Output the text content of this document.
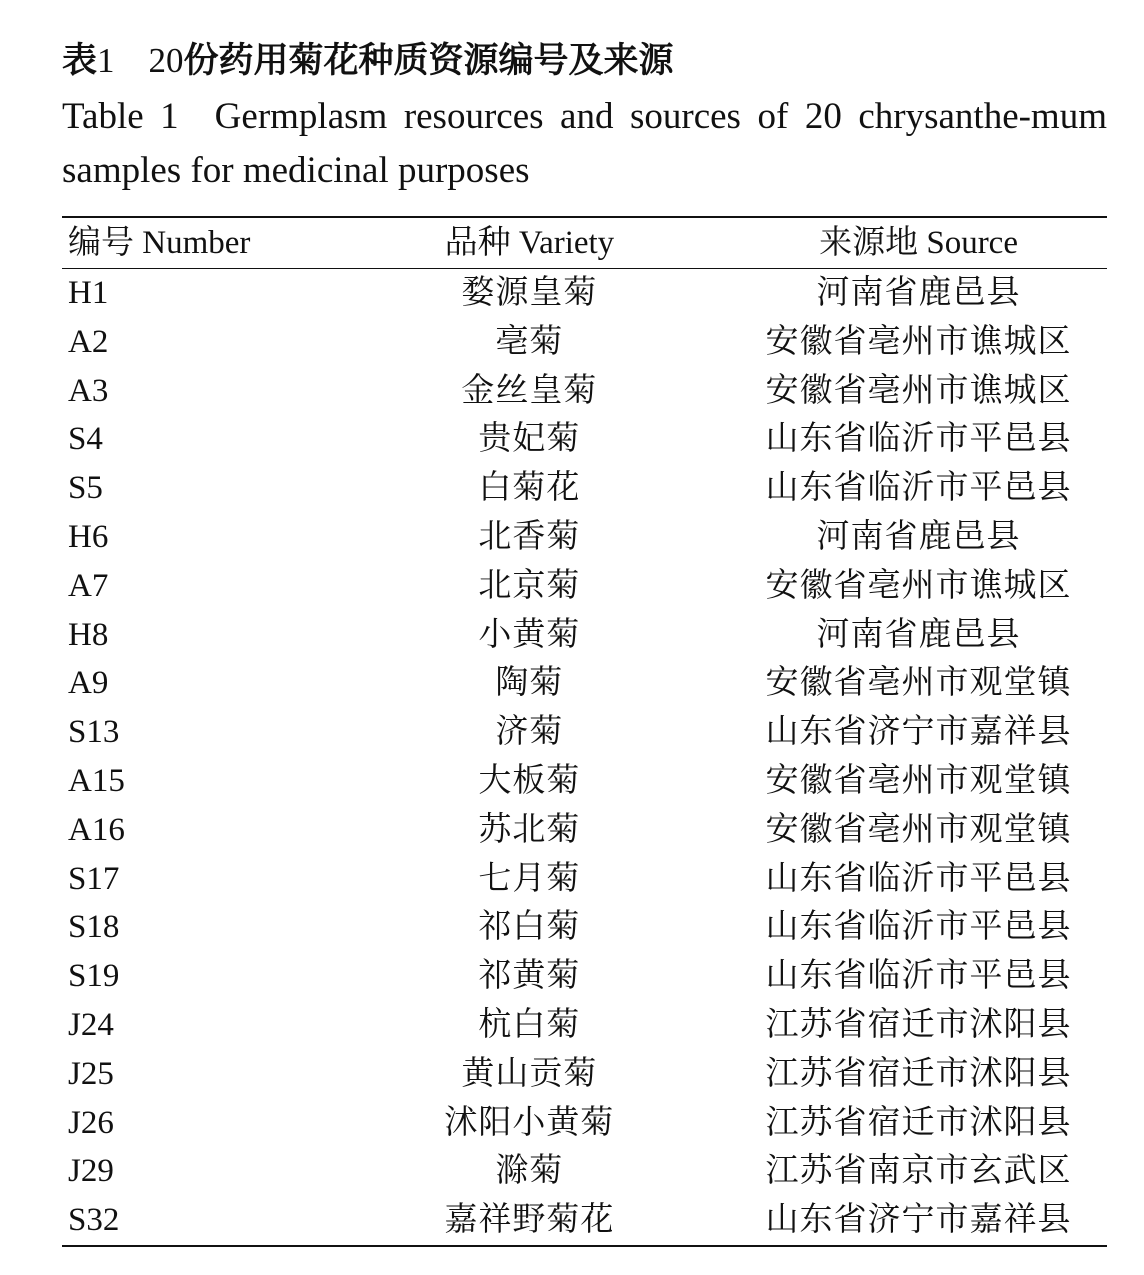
表1 20份药用菊花种质资源编号及来源
Table 1 Germplasm resources and sources of 20 chrysanthe-mum samples for medicinal purposes
编号 Number	品种 Variety	来源地 Source
H1	婺源皇菊	河南省鹿邑县
A2	亳菊	安徽省亳州市谯城区
A3	金丝皇菊	安徽省亳州市谯城区
S4	贵妃菊	山东省临沂市平邑县
S5	白菊花	山东省临沂市平邑县
H6	北香菊	河南省鹿邑县
A7	北京菊	安徽省亳州市谯城区
H8	小黄菊	河南省鹿邑县
A9	陶菊	安徽省亳州市观堂镇
S13	济菊	山东省济宁市嘉祥县
A15	大板菊	安徽省亳州市观堂镇
A16	苏北菊	安徽省亳州市观堂镇
S17	七月菊	山东省临沂市平邑县
S18	祁白菊	山东省临沂市平邑县
S19	祁黄菊	山东省临沂市平邑县
J24	杭白菊	江苏省宿迁市沭阳县
J25	黄山贡菊	江苏省宿迁市沭阳县
J26	沭阳小黄菊	江苏省宿迁市沭阳县
J29	滁菊	江苏省南京市玄武区
S32	嘉祥野菊花	山东省济宁市嘉祥县
